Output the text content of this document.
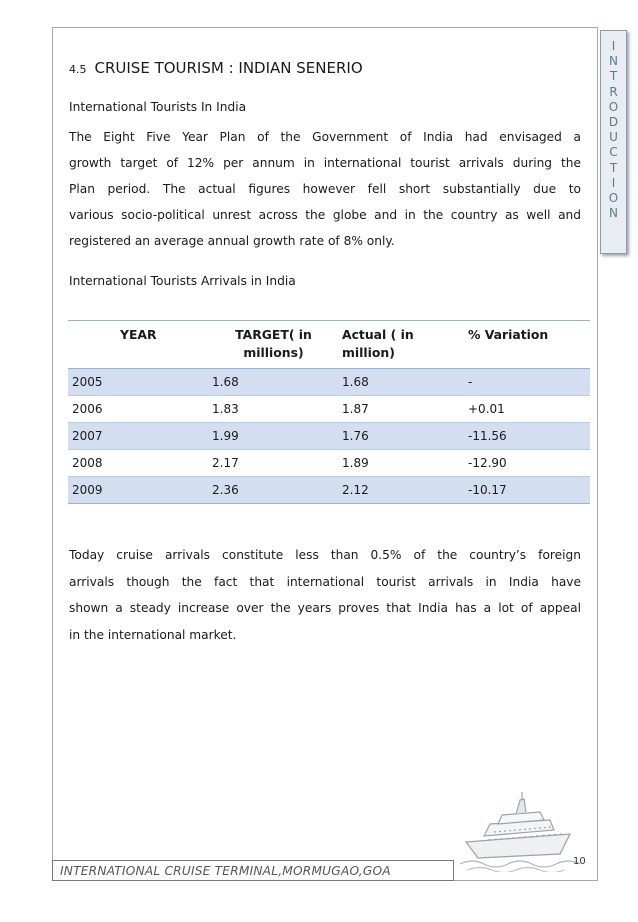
I
N
T
R
O
D
U
C
T
I
O
N
4.5 CRUISE TOURISM : INDIAN SENERIO
International Tourists In India
The Eight Five Year Plan of the Government of India had envisaged a
growth target of 12% per annum in international tourist arrivals during the
Plan period. The actual figures however fell short substantially due to
various socio-political unrest across the globe and in the country as well and
registered an average annual growth rate of 8% only.
International Tourists Arrivals in India
YEAR	TARGET( in millions)	Actual ( in million)	% Variation
2005	1.68	1.68	-
2006	1.83	1.87	+0.01
2007	1.99	1.76	-11.56
2008	2.17	1.89	-12.90
2009	2.36	2.12	-10.17
Today cruise arrivals constitute less than 0.5% of the country’s foreign
arrivals though the fact that international tourist arrivals in India have
shown a steady increase over the years proves that India has a lot of appeal
in the international market.
INTERNATIONAL CRUISE TERMINAL,MORMUGAO,GOA
10
